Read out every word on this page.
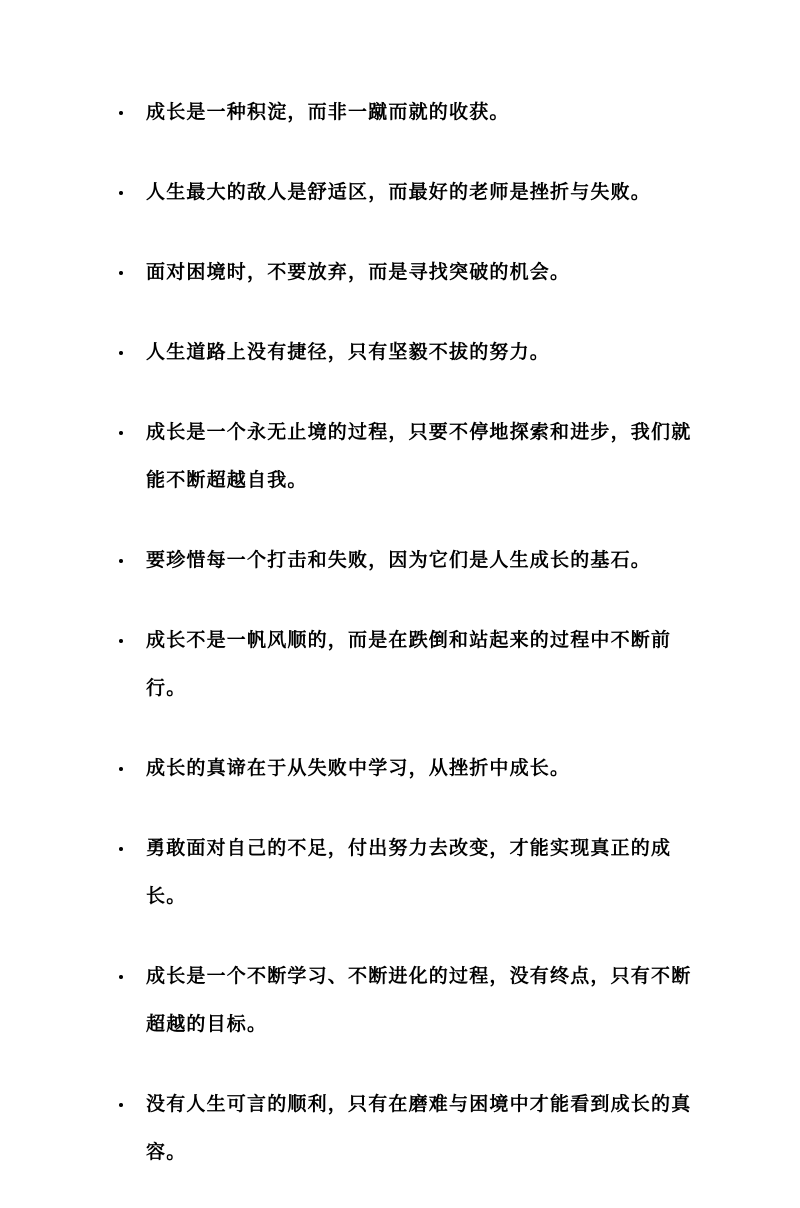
成长是一种积淀，而非一蹴而就的收获。
人生最大的敌人是舒适区，而最好的老师是挫折与失败。
面对困境时，不要放弃，而是寻找突破的机会。
人生道路上没有捷径，只有坚毅不拔的努力。
成长是一个永无止境的过程，只要不停地探索和进步，我们就能不断超越自我。
要珍惜每一个打击和失败，因为它们是人生成长的基石。
成长不是一帆风顺的，而是在跌倒和站起来的过程中不断前行。
成长的真谛在于从失败中学习，从挫折中成长。
勇敢面对自己的不足，付出努力去改变，才能实现真正的成长。
成长是一个不断学习、不断进化的过程，没有终点，只有不断超越的目标。
没有人生可言的顺利，只有在磨难与困境中才能看到成长的真容。
